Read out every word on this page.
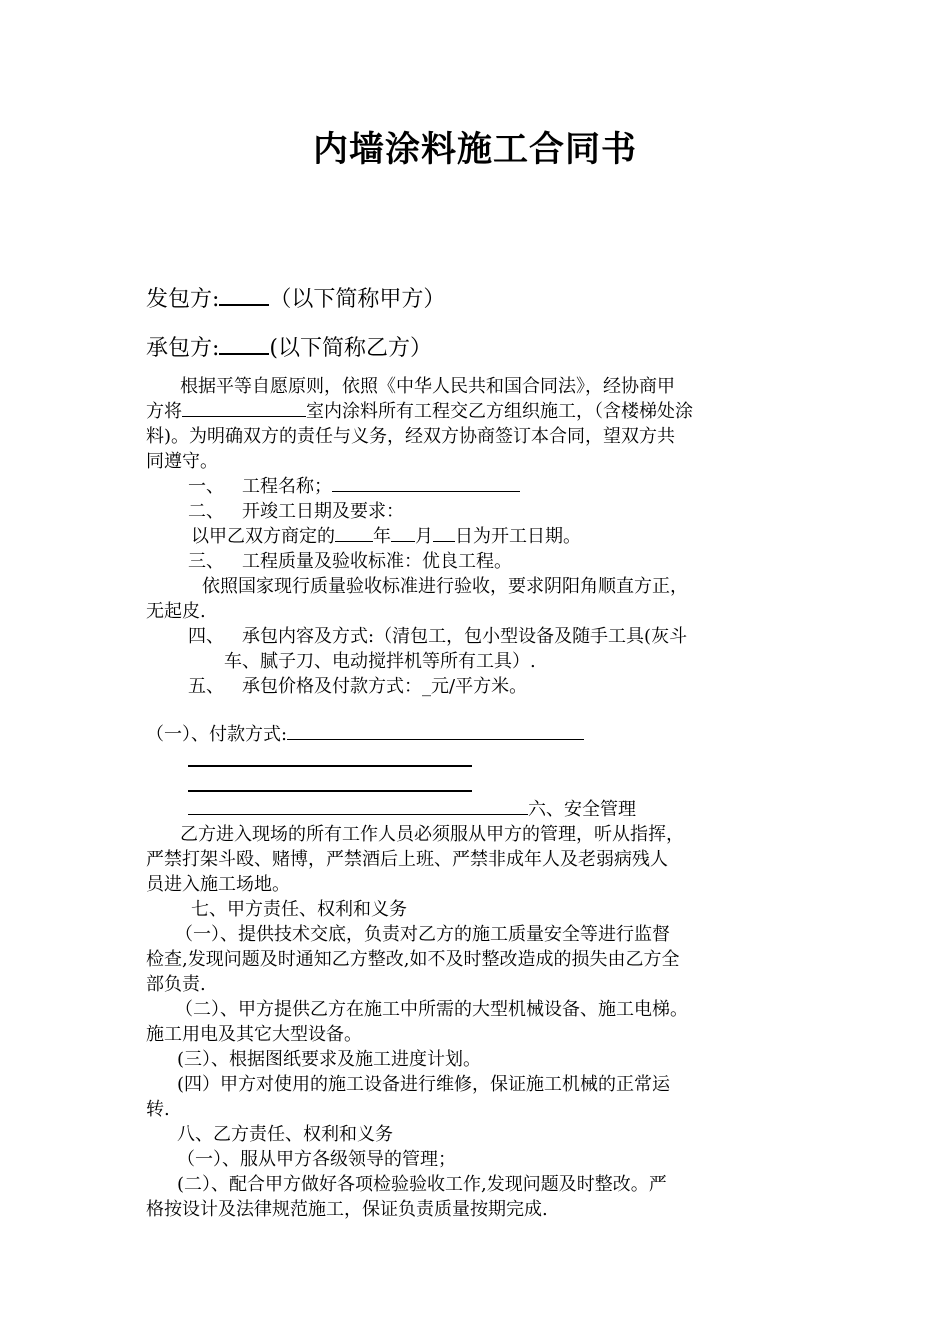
内墙涂料施工合同书
发包方: （以下简称甲方）
承包方: (以下简称乙方）
根据平等自愿原则，依照《中华人民共和国合同法》，经协商甲
方将	室内涂料所有工程交乙方组织施工，（含楼梯处涂
料)。为明确双方的责任与义务，经双方协商签订本合同，望双方共
同遵守。
一、 工程名称；
二、 开竣工日期及要求：
以甲乙双方商定的 年 月 日为开工日期。
三、 工程质量及验收标准：优良工程。
依照国家现行质量验收标准进行验收，要求阴阳角顺直方正，
无起皮.
四、 承包内容及方式:（清包工，包小型设备及随手工具(灰斗
车、腻子刀、电动搅拌机等所有工具）.
五、 承包价格及付款方式：_元/平方米。
（一）、付款方式:
六、安全管理
乙方进入现场的所有工作人员必须服从甲方的管理，听从指挥，
严禁打架斗殴、赌博，严禁酒后上班、严禁非成年人及老弱病残人
员进入施工场地。
七、甲方责任、权利和义务
（一）、提供技术交底，负责对乙方的施工质量安全等进行监督
检查,发现问题及时通知乙方整改,如不及时整改造成的损失由乙方全
部负责.
（二）、甲方提供乙方在施工中所需的大型机械设备、施工电梯。
施工用电及其它大型设备。
(三）、根据图纸要求及施工进度计划。
(四）甲方对使用的施工设备进行维修，保证施工机械的正常运
转.
八、乙方责任、权利和义务
（一）、服从甲方各级领导的管理；
(二）、配合甲方做好各项检验验收工作,发现问题及时整改。严
格按设计及法律规范施工，保证负责质量按期完成.
